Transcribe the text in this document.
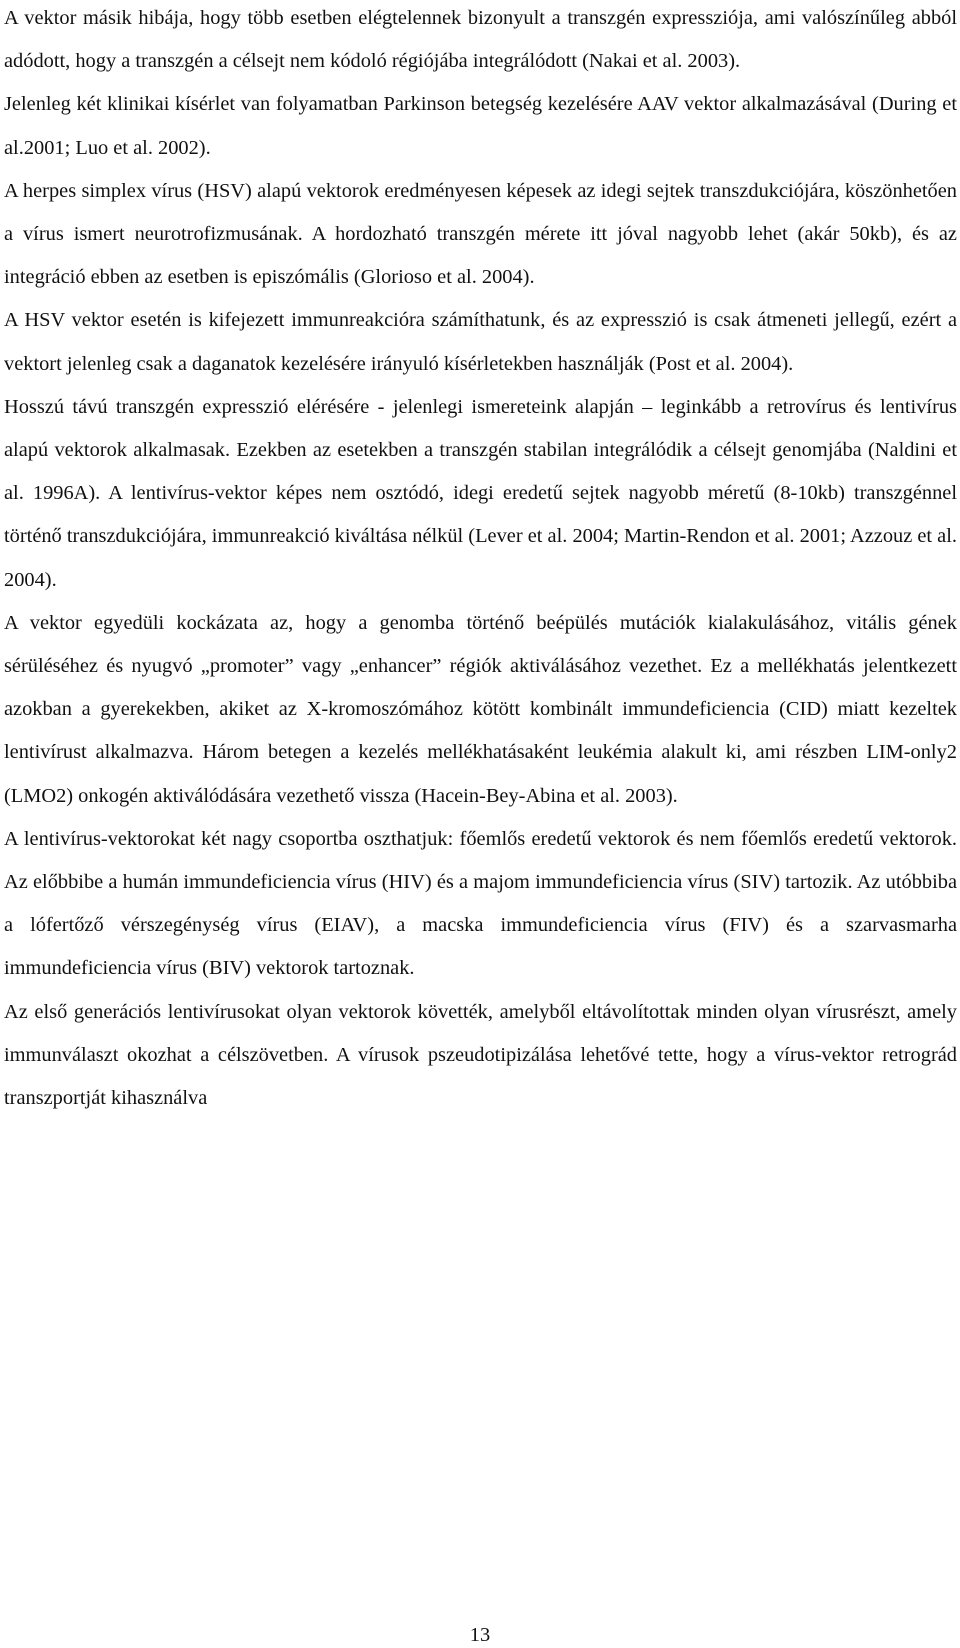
A vektor másik hibája, hogy több esetben elégtelennek bizonyult a transzgén expressziója, ami valószínűleg abból adódott, hogy a transzgén a célsejt nem kódoló régiójába integrálódott (Nakai et al. 2003).

Jelenleg két klinikai kísérlet van folyamatban Parkinson betegség kezelésére AAV vektor alkalmazásával (During et al.2001; Luo et al. 2002).

A herpes simplex vírus (HSV) alapú vektorok eredményesen képesek az idegi sejtek transzdukciójára, köszönhetően a vírus ismert neurotrofizmusának. A hordozható transzgén mérete itt jóval nagyobb lehet (akár 50kb), és az integráció ebben az esetben is episzómális (Glorioso et al. 2004).

A HSV vektor esetén is kifejezett immunreakcióra számíthatunk, és az expresszió is csak átmeneti jellegű, ezért a vektort jelenleg csak a daganatok kezelésére irányuló kísérletekben használják (Post et al. 2004).

Hosszú távú transzgén expresszió elérésére - jelenlegi ismereteink alapján – leginkább a retrovírus és lentivírus alapú vektorok alkalmasak. Ezekben az esetekben a transzgén stabilan integrálódik a célsejt genomjába (Naldini et al. 1996A). A lentivírus-vektor képes nem osztódó, idegi eredetű sejtek nagyobb méretű (8-10kb) transzgénnel történő transzdukciójára, immunreakció kiváltása nélkül (Lever et al. 2004; Martin-Rendon et al. 2001; Azzouz et al. 2004).

A vektor egyedüli kockázata az, hogy a genomba történő beépülés mutációk kialakulásához, vitális gének sérüléséhez és nyugvó „promoter” vagy „enhancer” régiók aktiválásához vezethet. Ez a mellékhatás jelentkezett azokban a gyerekekben, akiket az X-kromoszómához kötött kombinált immundeficiencia (CID) miatt kezeltek lentivírust alkalmazva. Három betegen a kezelés mellékhatásaként leukémia alakult ki, ami részben LIM-only2 (LMO2) onkogén aktiválódására vezethető vissza (Hacein-Bey-Abina et al. 2003).

A lentivírus-vektorokat két nagy csoportba oszthatjuk: főemlős eredetű vektorok és nem főemlős eredetű vektorok. Az előbbibe a humán immundeficiencia vírus (HIV) és a majom immundeficiencia vírus (SIV) tartozik. Az utóbbiba a lófertőző vérszegénység vírus (EIAV), a macska immundeficiencia vírus (FIV) és a szarvasmarha immundeficiencia vírus (BIV) vektorok tartoznak.

Az első generációs lentivírusokat olyan vektorok követték, amelyből eltávolítottak minden olyan vírusrészt, amely immunválaszt okozhat a célszövetben. A vírusok pszeudotipizálása lehetővé tette, hogy a vírus-vektor retrográd transzportját kihasználva

13
